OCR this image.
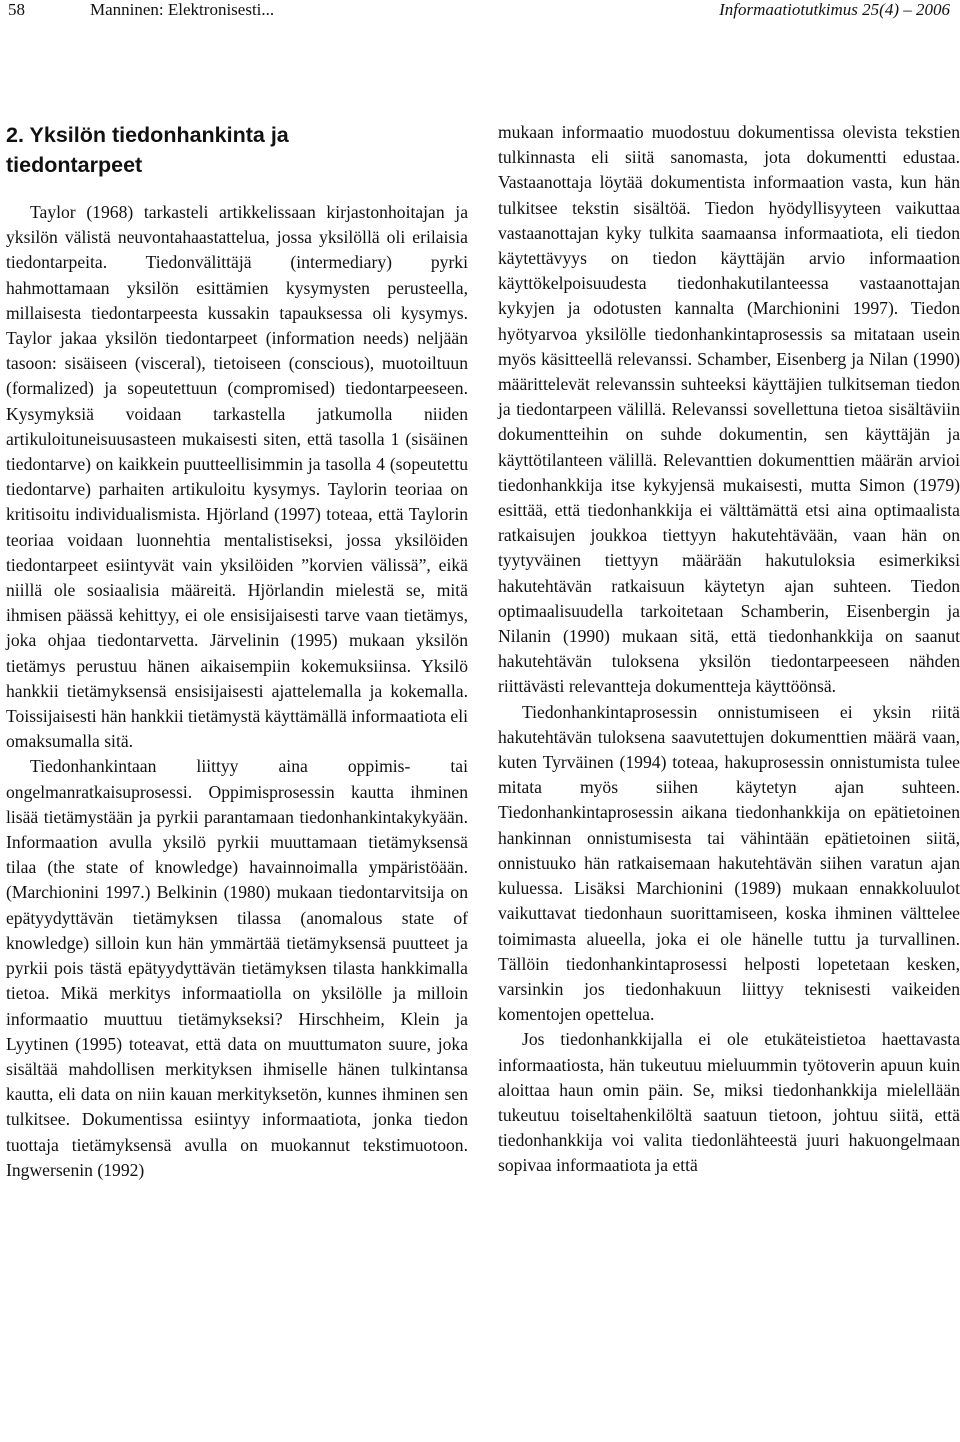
58	Manninen: Elektronisesti...	Informaatiotutkimus 25(4) – 2006
2. Yksilön tiedonhankinta ja
tiedontarpeet

Taylor (1968) tarkasteli artikkelissaan kirjastonhoitajan ja yksilön välistä neuvontahaastattelua, jossa yksilöllä oli erilaisia tiedontarpeita. Tiedonvälittäjä (intermediary) pyrki hahmottamaan yksilön esittämien kysymysten perusteella, millaisesta tiedontarpeesta kussakin tapauksessa oli kysymys. Taylor jakaa yksilön tiedontarpeet (information needs) neljään tasoon: sisäiseen (visceral), tietoiseen (conscious), muotoiltuun (formalized) ja sopeutettuun (compromised) tiedontarpeeseen. Kysymyksiä voidaan tarkastella jatkumolla niiden artikuloituneisuusasteen mukaisesti siten, että tasolla 1 (sisäinen tiedontarve) on kaikkein puutteellisimmin ja tasolla 4 (sopeutettu tiedontarve) parhaiten artikuloitu kysymys. Taylorin teoriaa on kritisoitu individualismista. Hjörland (1997) toteaa, että Taylorin teoriaa voidaan luonnehtia mentalistiseksi, jossa yksilöiden tiedontarpeet esiintyvät vain yksilöiden ”korvien välissä”, eikä niillä ole sosiaalisia määreitä. Hjörlandin mielestä se, mitä ihmisen päässä kehittyy, ei ole ensisijaisesti tarve vaan tietämys, joka ohjaa tiedontarvetta. Järvelinin (1995) mukaan yksilön tietämys perustuu hänen aikaisempiin kokemuksiinsa. Yksilö hankkii tietämyksensä ensisijaisesti ajattelemalla ja kokemalla. Toissijaisesti hän hankkii tietämystä käyttämällä informaatiota eli omaksumalla sitä.

Tiedonhankintaan liittyy aina oppimis- tai ongelmanratkaisuprosessi. Oppimisprosessin kautta ihminen lisää tietämystään ja pyrkii parantamaan tiedonhankintakykyään. Informaation avulla yksilö pyrkii muuttamaan tietämyksensä tilaa (the state of knowledge) havainnoimalla ympäristöään. (Marchionini 1997.) Belkinin (1980) mukaan tiedontarvitsija on epätyydyttävän tietämyksen tilassa (anomalous state of knowledge) silloin kun hän ymmärtää tietämyksensä puutteet ja pyrkii pois tästä epätyydyttävän tietämyksen tilasta hankkimalla tietoa. Mikä merkitys informaatiolla on yksilölle ja milloin informaatio muuttuu tietämykseksi? Hirschheim, Klein ja Lyytinen (1995) toteavat, että data on muuttumaton suure, joka sisältää mahdollisen merkityksen ihmiselle hänen tulkintansa kautta, eli data on niin kauan merkityksetön, kunnes ihminen sen tulkitsee. Dokumentissa esiintyy informaatiota, jonka tiedon tuottaja tietämyksensä avulla on muokannut tekstimuotoon. Ingwersenin (1992)

mukaan informaatio muodostuu dokumentissa olevista tekstien tulkinnasta eli siitä sanomasta, jota dokumentti edustaa. Vastaanottaja löytää dokumentista informaation vasta, kun hän tulkitsee tekstin sisältöä. Tiedon hyödyllisyyteen vaikuttaa vastaanottajan kyky tulkita saamaansa informaatiota, eli tiedon käytettävyys on tiedon käyttäjän arvio informaation käyttökelpoisuudesta tiedonhakutilanteessa vastaanottajan kykyjen ja odotusten kannalta (Marchionini 1997). Tiedon hyötyarvoa yksilölle tiedonhankintaprosessis sa mitataan usein myös käsitteellä relevanssi. Schamber, Eisenberg ja Nilan (1990) määrittelevät relevanssin suhteeksi käyttäjien tulkitseman tiedon ja tiedontarpeen välillä. Relevanssi sovellettuna tietoa sisältäviin dokumentteihin on suhde dokumentin, sen käyttäjän ja käyttötilanteen välillä. Relevanttien dokumenttien määrän arvioi tiedonhankkija itse kykyjensä mukaisesti, mutta Simon (1979) esittää, että tiedonhankkija ei välttämättä etsi aina optimaalista ratkaisujen joukkoa tiettyyn hakutehtävään, vaan hän on tyytyväinen tiettyyn määrään hakutuloksia esimerkiksi hakutehtävän ratkaisuun käytetyn ajan suhteen. Tiedon optimaalisuudella tarkoitetaan Schamberin, Eisenbergin ja Nilanin (1990) mukaan sitä, että tiedonhankkija on saanut hakutehtävän tuloksena yksilön tiedontarpeeseen nähden riittävästi relevantteja dokumentteja käyttöönsä.

Tiedonhankintaprosessin onnistumiseen ei yksin riitä hakutehtävän tuloksena saavutettujen dokumenttien määrä vaan, kuten Tyrväinen (1994) toteaa, hakuprosessin onnistumista tulee mitata myös siihen käytetyn ajan suhteen. Tiedonhankintaprosessin aikana tiedonhankkija on epätietoinen hankinnan onnistumisesta tai vähintään epätietoinen siitä, onnistuuko hän ratkaisemaan hakutehtävän siihen varatun ajan kuluessa. Lisäksi Marchionini (1989) mukaan ennakkoluulot vaikuttavat tiedonhaun suorittamiseen, koska ihminen välttelee toimimasta alueella, joka ei ole hänelle tuttu ja turvallinen. Tällöin tiedonhankintaprosessi helposti lopetetaan kesken, varsinkin jos tiedonhakuun liittyy teknisesti vaikeiden komentojen opettelua.

Jos tiedonhankkijalla ei ole etukäteistietoa haettavasta informaatiosta, hän tukeutuu mieluummin työtoverin apuun kuin aloittaa haun omin päin. Se, miksi tiedonhankkija mielellään tukeutuu toiseltahenkilöltä saatuun tietoon, johtuu siitä, että tiedonhankkija voi valita tiedonlähteestä juuri hakuongelmaan sopivaa informaatiota ja että
